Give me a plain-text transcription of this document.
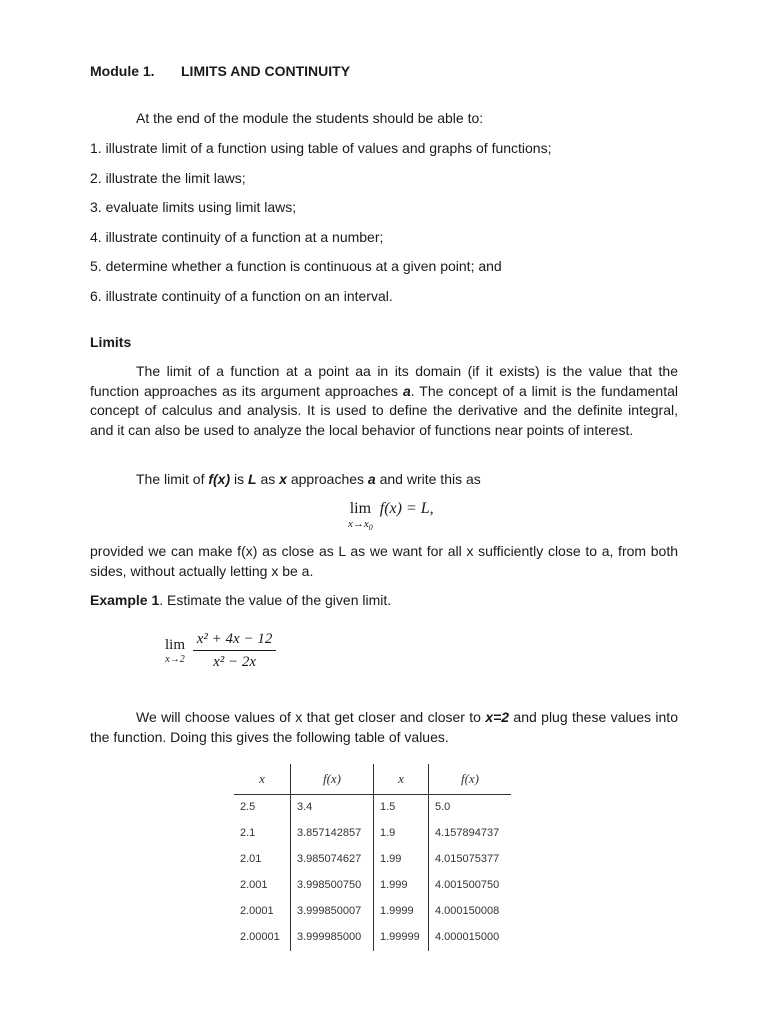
Module 1. LIMITS AND CONTINUITY
At the end of the module the students should be able to:
1. illustrate limit of a function using table of values and graphs of functions;
2. illustrate the limit laws;
3. evaluate limits using limit laws;
4. illustrate continuity of a function at a number;
5. determine whether a function is continuous at a given point; and
6. illustrate continuity of a function on an interval.
Limits
The limit of a function at a point aa in its domain (if it exists) is the value that the function approaches as its argument approaches a. The concept of a limit is the fundamental concept of calculus and analysis. It is used to define the derivative and the definite integral, and it can also be used to analyze the local behavior of functions near points of interest.
The limit of f(x) is L as x approaches a and write this as
lim
$x\to x_0$
f(x) = L,
provided we can make f(x) as close as L as we want for all x sufficiently close to a, from both sides, without actually letting x be a.
Example 1. Estimate the value of the given limit.
lim
x→2
$\frac{\text{x² + 4x − 12}}{\text{x² − 2x}}$
We will choose values of x that get closer and closer to x=2 and plug these values into the function. Doing this gives the following table of values.
x	f(x)	x	f(x)
2.5	3.4	1.5	5.0
2.1	3.857142857	1.9	4.157894737
2.01	3.985074627	1.99	4.015075377
2.001	3.998500750	1.999	4.001500750
2.0001	3.999850007	1.9999	4.000150008
2.00001	3.999985000	1.99999	4.000015000
